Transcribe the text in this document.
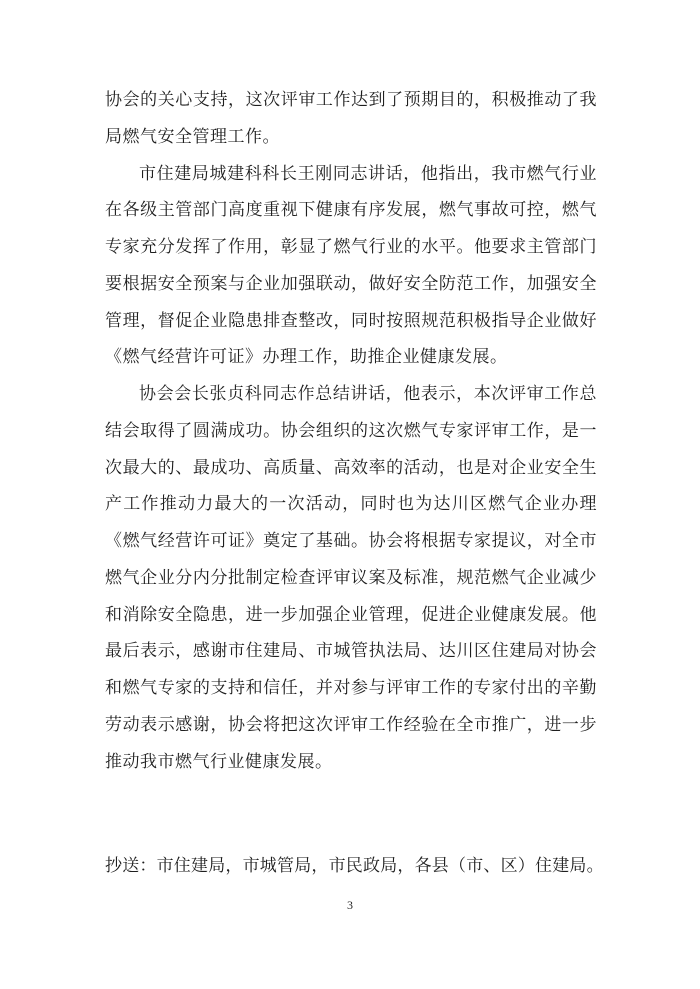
协会的关心支持，这次评审工作达到了预期目的，积极推动了我局燃气安全管理工作。

市住建局城建科科长王刚同志讲话，他指出，我市燃气行业在各级主管部门高度重视下健康有序发展，燃气事故可控，燃气专家充分发挥了作用，彰显了燃气行业的水平。他要求主管部门要根据安全预案与企业加强联动，做好安全防范工作，加强安全管理，督促企业隐患排查整改，同时按照规范积极指导企业做好《燃气经营许可证》办理工作，助推企业健康发展。

协会会长张贞科同志作总结讲话，他表示，本次评审工作总结会取得了圆满成功。协会组织的这次燃气专家评审工作，是一次最大的、最成功、高质量、高效率的活动，也是对企业安全生产工作推动力最大的一次活动，同时也为达川区燃气企业办理《燃气经营许可证》奠定了基础。协会将根据专家提议，对全市燃气企业分内分批制定检查评审议案及标准，规范燃气企业减少和消除安全隐患，进一步加强企业管理，促进企业健康发展。他最后表示，感谢市住建局、市城管执法局、达川区住建局对协会和燃气专家的支持和信任，并对参与评审工作的专家付出的辛勤劳动表示感谢，协会将把这次评审工作经验在全市推广，进一步推动我市燃气行业健康发展。

抄送：市住建局，市城管局，市民政局，各县（市、区）住建局。
3
